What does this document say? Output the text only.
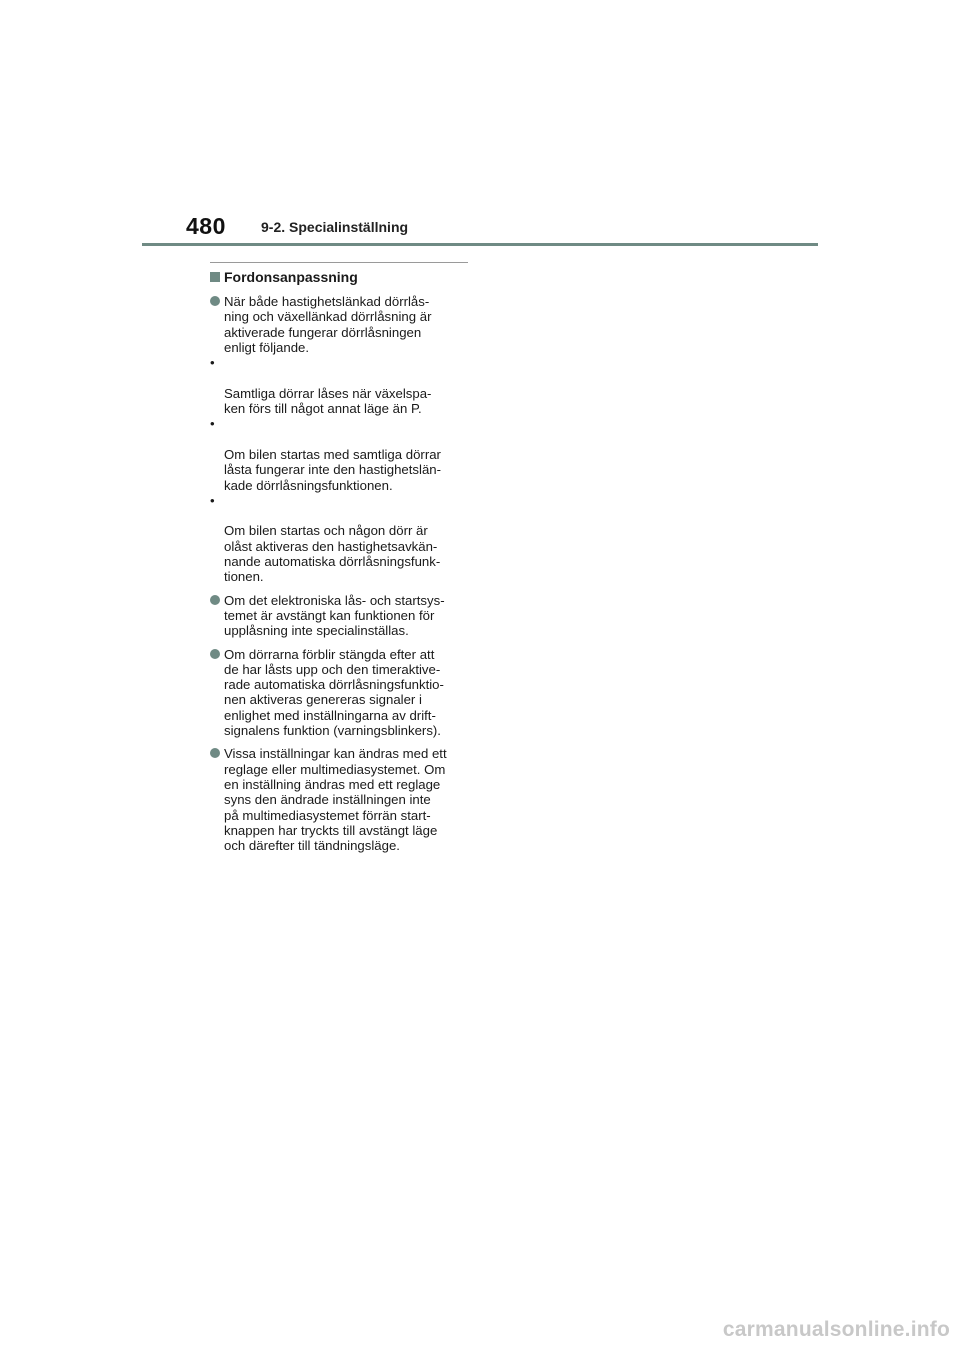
480	9-2. Specialinställning
Fordonsanpassning
När både hastighetslänkad dörrlås-
ning och växellänkad dörrlåsning är
aktiverade fungerar dörrlåsningen
enligt följande.

•

Samtliga dörrar låses när växelspa-
ken förs till något annat läge än P.

•

Om bilen startas med samtliga dörrar
låsta fungerar inte den hastighetslän-
kade dörrlåsningsfunktionen.

•

Om bilen startas och någon dörr är
olåst aktiveras den hastighetsavkän-
nande automatiska dörrlåsningsfunk-
tionen.

Om det elektroniska lås- och startsys-
temet är avstängt kan funktionen för
upplåsning inte specialinställas.
Om dörrarna förblir stängda efter att
de har låsts upp och den timeraktive-
rade automatiska dörrlåsningsfunktio-
nen aktiveras genereras signaler i
enlighet med inställningarna av drift-
signalens funktion (varningsblinkers).
Vissa inställningar kan ändras med ett
reglage eller multimediasystemet. Om
en inställning ändras med ett reglage
syns den ändrade inställningen inte
på multimediasystemet förrän start-
knappen har tryckts till avstängt läge
och därefter till tändningsläge.
carmanualsonline.info
